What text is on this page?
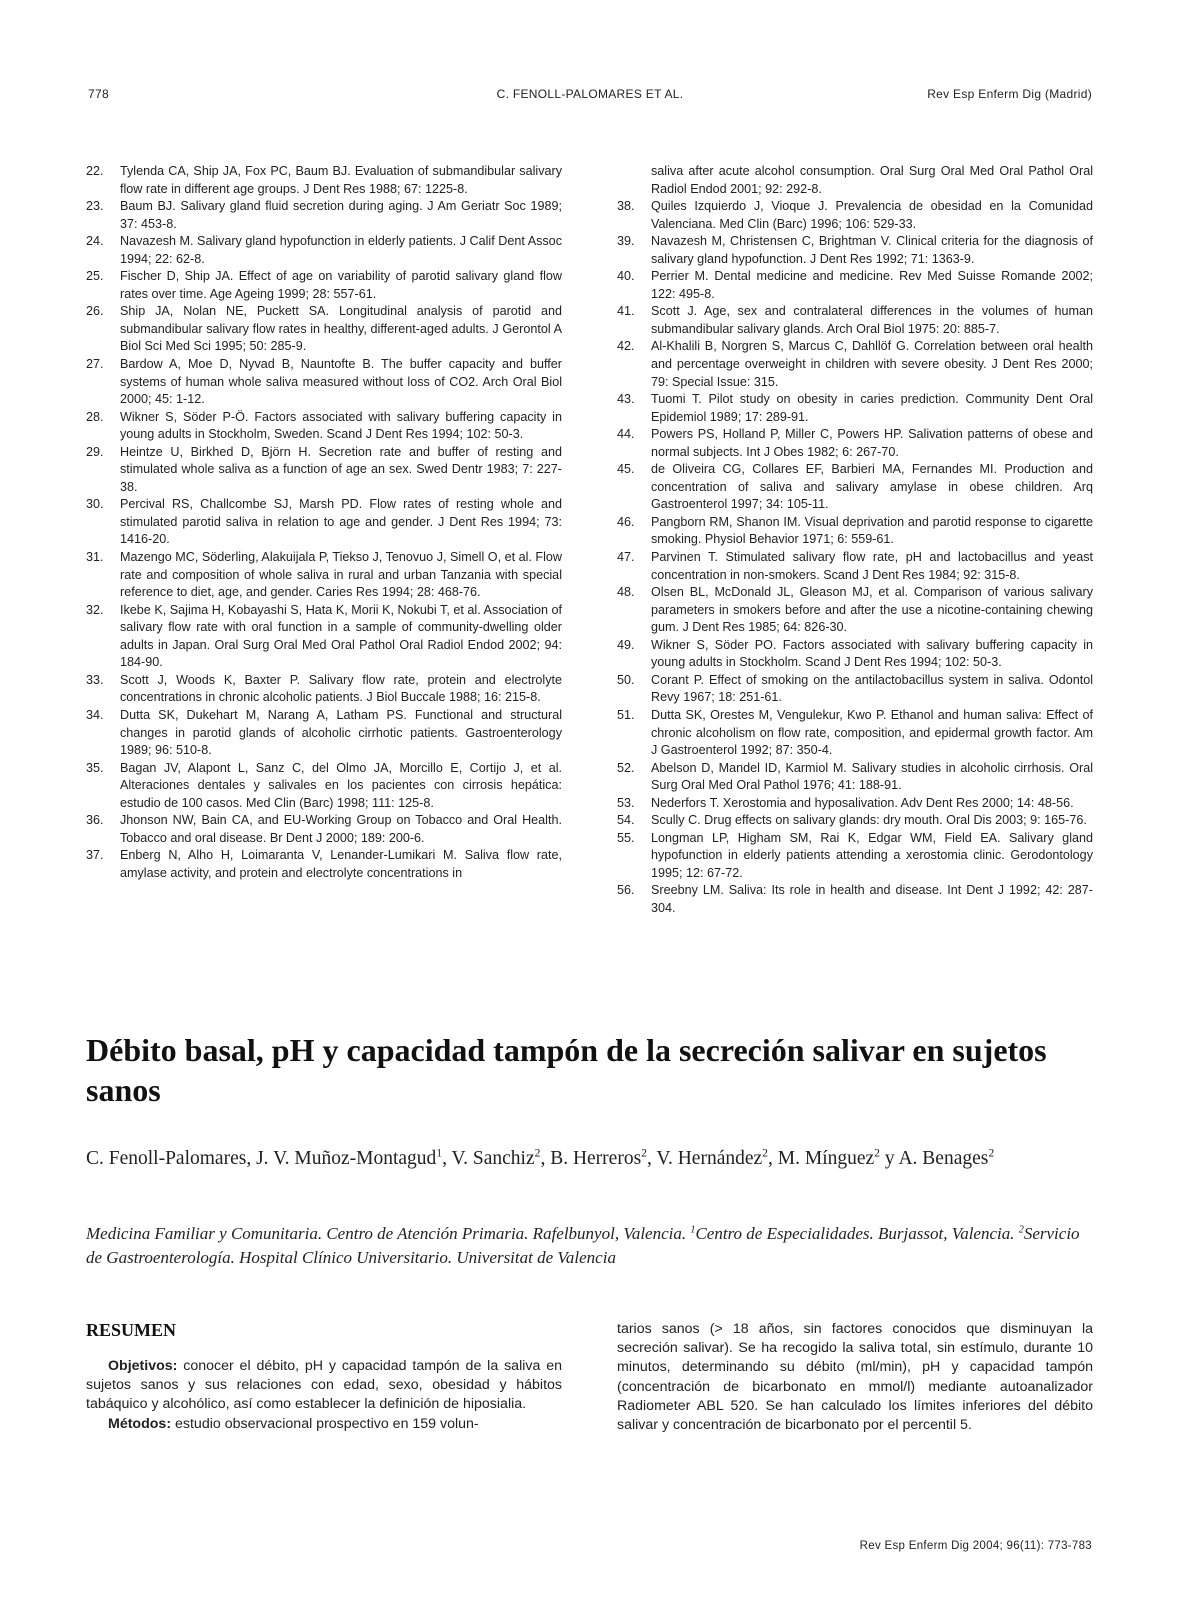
778	C. FENOLL-PALOMARES ET AL.	Rev Esp Enferm Dig (Madrid)
22.	Tylenda CA, Ship JA, Fox PC, Baum BJ. Evaluation of submandibular salivary flow rate in different age groups. J Dent Res 1988; 67: 1225-8.
23.	Baum BJ. Salivary gland fluid secretion during aging. J Am Geriatr Soc 1989; 37: 453-8.
24.	Navazesh M. Salivary gland hypofunction in elderly patients. J Calif Dent Assoc 1994; 22: 62-8.
25.	Fischer D, Ship JA. Effect of age on variability of parotid salivary gland flow rates over time. Age Ageing 1999; 28: 557-61.
26.	Ship JA, Nolan NE, Puckett SA. Longitudinal analysis of parotid and submandibular salivary flow rates in healthy, different-aged adults. J Gerontol A Biol Sci Med Sci 1995; 50: 285-9.
27.	Bardow A, Moe D, Nyvad B, Nauntofte B. The buffer capacity and buffer systems of human whole saliva measured without loss of CO2. Arch Oral Biol 2000; 45: 1-12.
28.	Wikner S, Söder P-Ö. Factors associated with salivary buffering capacity in young adults in Stockholm, Sweden. Scand J Dent Res 1994; 102: 50-3.
29.	Heintze U, Birkhed D, Björn H. Secretion rate and buffer of resting and stimulated whole saliva as a function of age an sex. Swed Dentr 1983; 7: 227-38.
30.	Percival RS, Challcombe SJ, Marsh PD. Flow rates of resting whole and stimulated parotid saliva in relation to age and gender. J Dent Res 1994; 73: 1416-20.
31.	Mazengo MC, Söderling, Alakuijala P, Tiekso J, Tenovuo J, Simell O, et al. Flow rate and composition of whole saliva in rural and urban Tanzania with special reference to diet, age, and gender. Caries Res 1994; 28: 468-76.
32.	Ikebe K, Sajima H, Kobayashi S, Hata K, Morii K, Nokubi T, et al. Association of salivary flow rate with oral function in a sample of community-dwelling older adults in Japan. Oral Surg Oral Med Oral Pathol Oral Radiol Endod 2002; 94: 184-90.
33.	Scott J, Woods K, Baxter P. Salivary flow rate, protein and electrolyte concentrations in chronic alcoholic patients. J Biol Buccale 1988; 16: 215-8.
34.	Dutta SK, Dukehart M, Narang A, Latham PS. Functional and structural changes in parotid glands of alcoholic cirrhotic patients. Gastroenterology 1989; 96: 510-8.
35.	Bagan JV, Alapont L, Sanz C, del Olmo JA, Morcillo E, Cortijo J, et al. Alteraciones dentales y salivales en los pacientes con cirrosis hepática: estudio de 100 casos. Med Clin (Barc) 1998; 111: 125-8.
36.	Jhonson NW, Bain CA, and EU-Working Group on Tobacco and Oral Health. Tobacco and oral disease. Br Dent J 2000; 189: 200-6.
37.	Enberg N, Alho H, Loimaranta V, Lenander-Lumikari M. Saliva flow rate, amylase activity, and protein and electrolyte concentrations in
saliva after acute alcohol consumption. Oral Surg Oral Med Oral Pathol Oral Radiol Endod 2001; 92: 292-8.
38.	Quiles Izquierdo J, Vioque J. Prevalencia de obesidad en la Comunidad Valenciana. Med Clin (Barc) 1996; 106: 529-33.
39.	Navazesh M, Christensen C, Brightman V. Clinical criteria for the diagnosis of salivary gland hypofunction. J Dent Res 1992; 71: 1363-9.
40.	Perrier M. Dental medicine and medicine. Rev Med Suisse Romande 2002; 122: 495-8.
41.	Scott J. Age, sex and contralateral differences in the volumes of human submandibular salivary glands. Arch Oral Biol 1975: 20: 885-7.
42.	Al-Khalili B, Norgren S, Marcus C, Dahllöf G. Correlation between oral health and percentage overweight in children with severe obesity. J Dent Res 2000; 79: Special Issue: 315.
43.	Tuomi T. Pilot study on obesity in caries prediction. Community Dent Oral Epidemiol 1989; 17: 289-91.
44.	Powers PS, Holland P, Miller C, Powers HP. Salivation patterns of obese and normal subjects. Int J Obes 1982; 6: 267-70.
45.	de Oliveira CG, Collares EF, Barbieri MA, Fernandes MI. Production and concentration of saliva and salivary amylase in obese children. Arq Gastroenterol 1997; 34: 105-11.
46.	Pangborn RM, Shanon IM. Visual deprivation and parotid response to cigarette smoking. Physiol Behavior 1971; 6: 559-61.
47.	Parvinen T. Stimulated salivary flow rate, pH and lactobacillus and yeast concentration in non-smokers. Scand J Dent Res 1984; 92: 315-8.
48.	Olsen BL, McDonald JL, Gleason MJ, et al. Comparison of various salivary parameters in smokers before and after the use a nicotine-containing chewing gum. J Dent Res 1985; 64: 826-30.
49.	Wikner S, Söder PO. Factors associated with salivary buffering capacity in young adults in Stockholm. Scand J Dent Res 1994; 102: 50-3.
50.	Corant P. Effect of smoking on the antilactobacillus system in saliva. Odontol Revy 1967; 18: 251-61.
51.	Dutta SK, Orestes M, Vengulekur, Kwo P. Ethanol and human saliva: Effect of chronic alcoholism on flow rate, composition, and epidermal growth factor. Am J Gastroenterol 1992; 87: 350-4.
52.	Abelson D, Mandel ID, Karmiol M. Salivary studies in alcoholic cirrhosis. Oral Surg Oral Med Oral Pathol 1976; 41: 188-91.
53.	Nederfors T. Xerostomia and hyposalivation. Adv Dent Res 2000; 14: 48-56.
54.	Scully C. Drug effects on salivary glands: dry mouth. Oral Dis 2003; 9: 165-76.
55.	Longman LP, Higham SM, Rai K, Edgar WM, Field EA. Salivary gland hypofunction in elderly patients attending a xerostomia clinic. Gerodontology 1995; 12: 67-72.
56.	Sreebny LM. Saliva: Its role in health and disease. Int Dent J 1992; 42: 287-304.
Débito basal, pH y capacidad tampón de la secreción salivar en sujetos sanos
C. Fenoll-Palomares, J. V. Muñoz-Montagud$^1$, V. Sanchiz$^2$, B. Herreros$^2$, V. Hernández$^2$, M. Mínguez$^2$ y A. Benages$^2$
Medicina Familiar y Comunitaria. Centro de Atención Primaria. Rafelbunyol, Valencia. $^1$Centro de Especialidades. Burjassot, Valencia. $^2$Servicio de Gastroenterología. Hospital Clínico Universitario. Universitat de Valencia
RESUMEN

Objetivos: conocer el débito, pH y capacidad tampón de la saliva en sujetos sanos y sus relaciones con edad, sexo, obesidad y hábitos tabáquico y alcohólico, así como establecer la definición de hiposialia.

Métodos: estudio observacional prospectivo en 159 volun-

tarios sanos (> 18 años, sin factores conocidos que disminuyan la secreción salivar). Se ha recogido la saliva total, sin estímulo, durante 10 minutos, determinando su débito (ml/min), pH y capacidad tampón (concentración de bicarbonato en mmol/l) mediante autoanalizador Radiometer ABL 520. Se han calculado los límites inferiores del débito salivar y concentración de bicarbonato por el percentil 5.

Rev Esp Enferm Dig 2004; 96(11): 773-783
